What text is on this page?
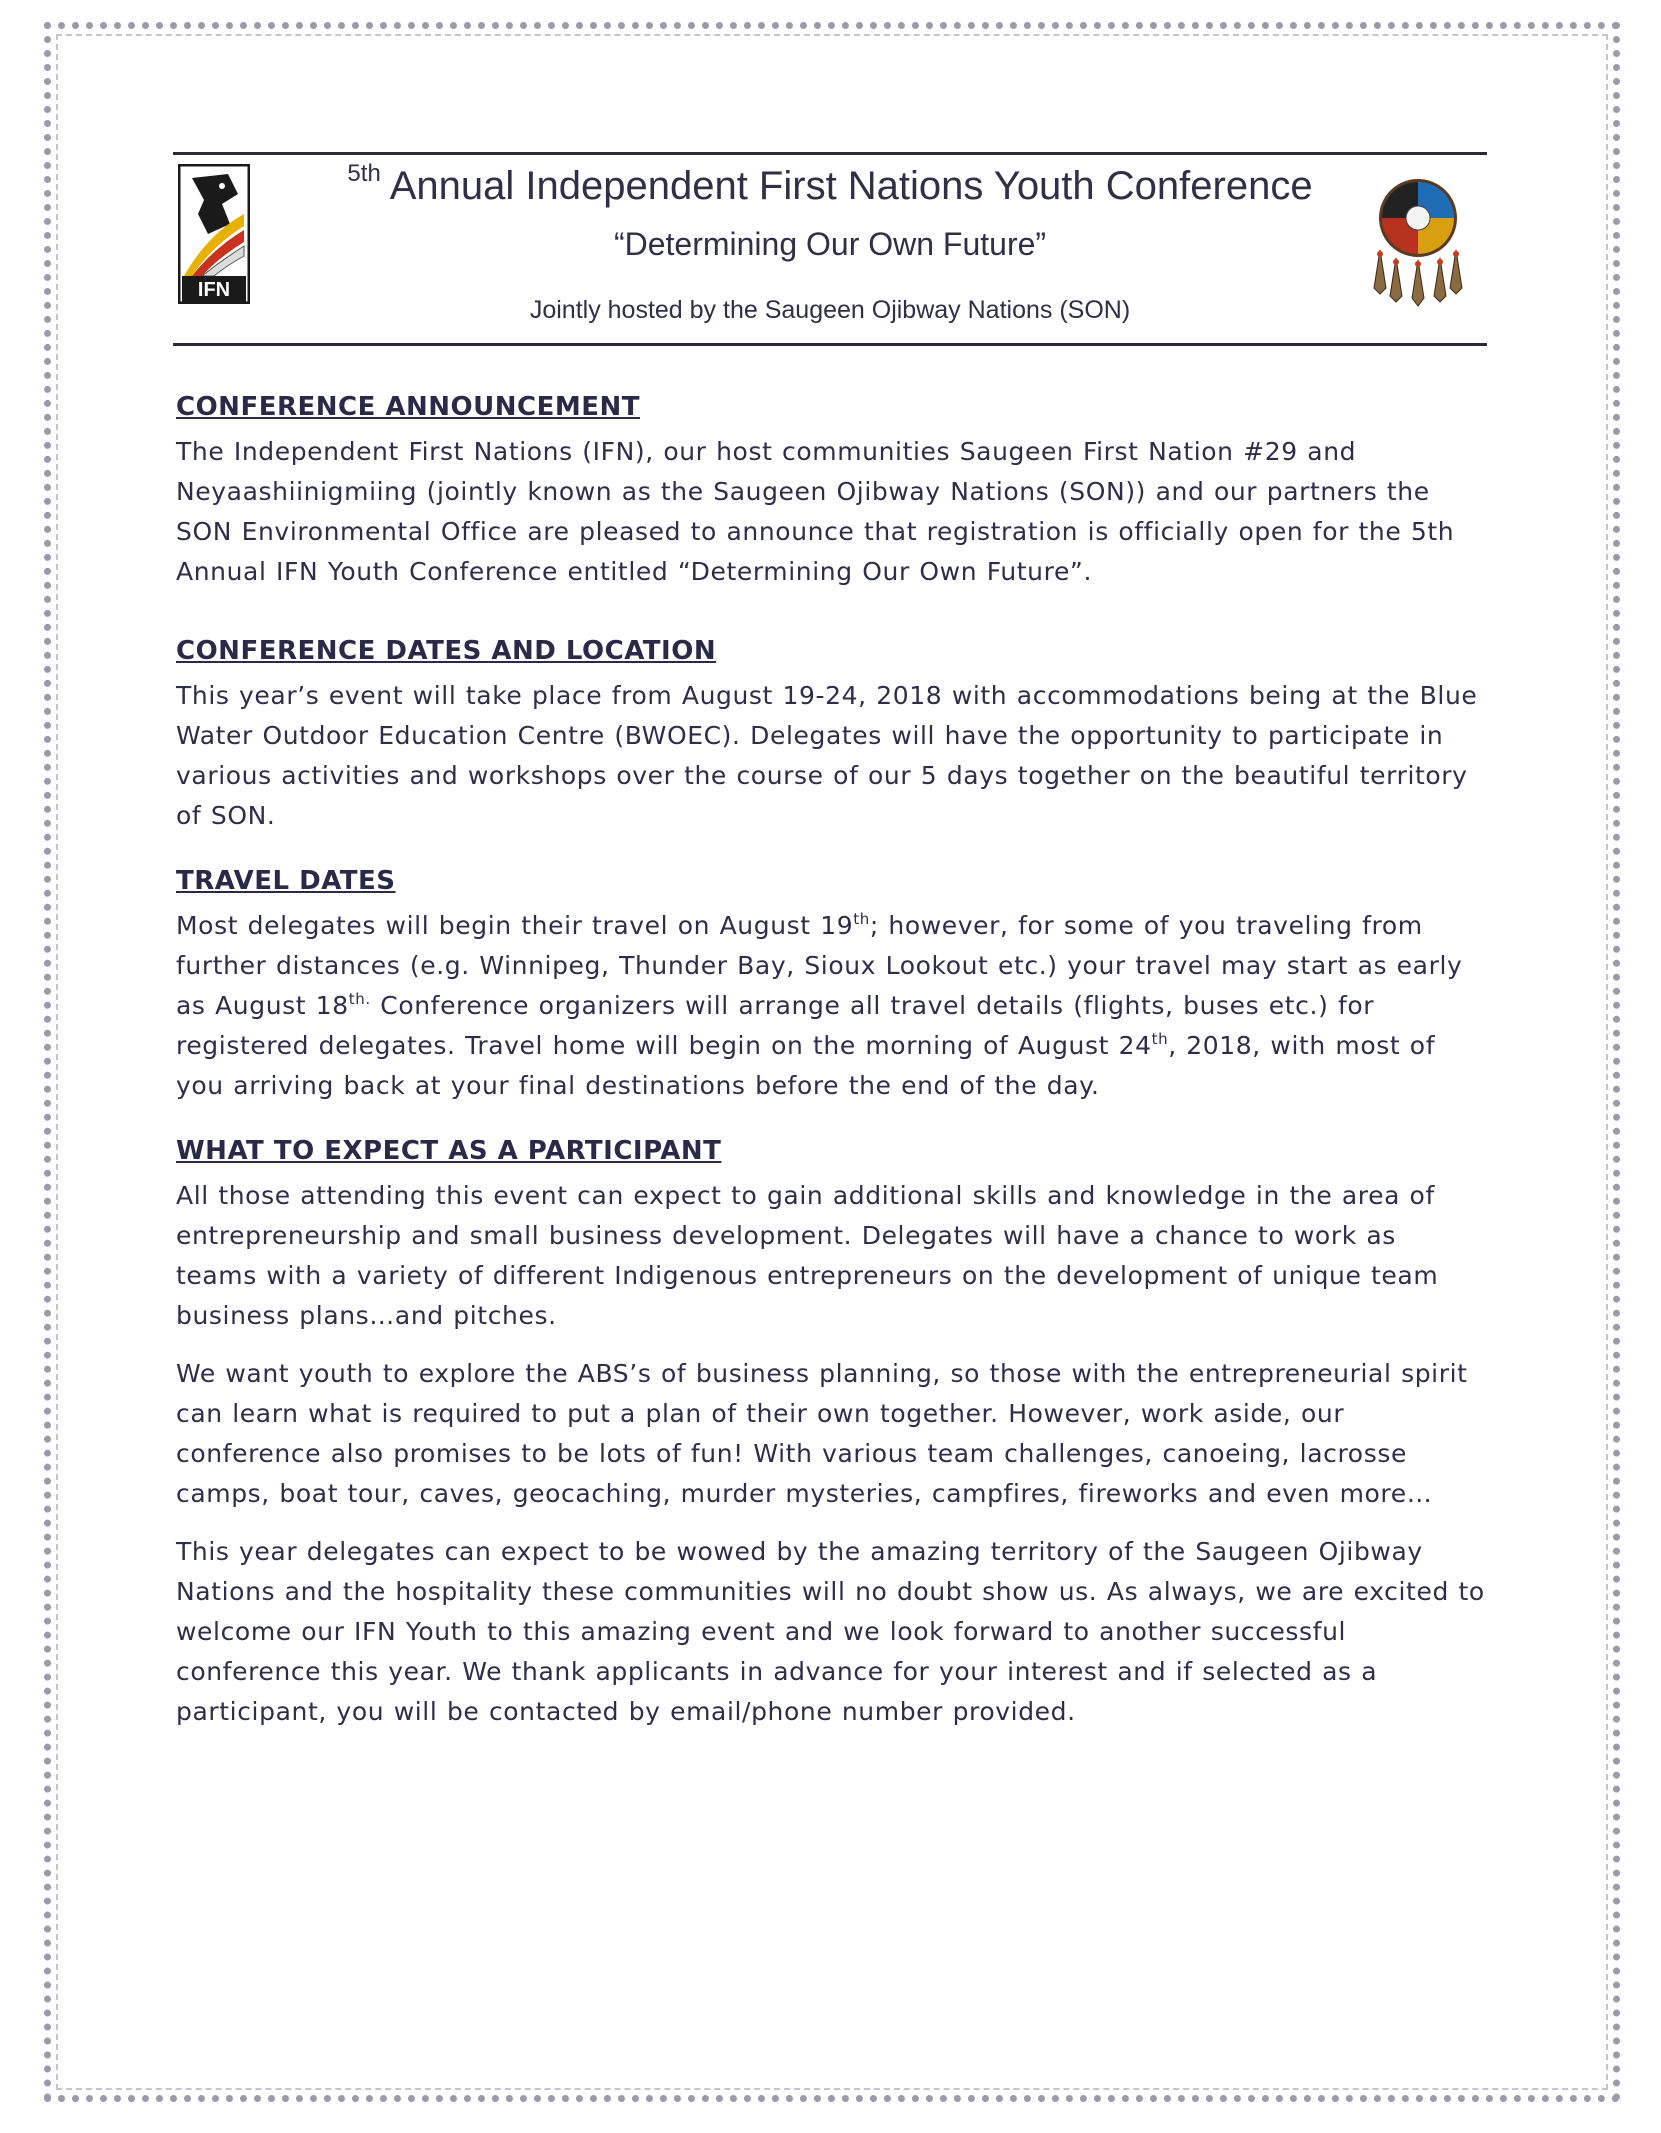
IFN
$^{5th}$ Annual Independent First Nations Youth Conference
“Determining Our Own Future”
Jointly hosted by the Saugeen Ojibway Nations (SON)
CONFERENCE ANNOUNCEMENT

The Independent First Nations (IFN), our host communities Saugeen First Nation #29 and Neyaashiinigmiing (jointly known as the Saugeen Ojibway Nations (SON)) and our partners the SON Environmental Office are pleased to announce that registration is officially open for the 5th Annual IFN Youth Conference entitled “Determining Our Own Future”.

CONFERENCE DATES AND LOCATION

This year’s event will take place from August 19-24, 2018 with accommodations being at the Blue Water Outdoor Education Centre (BWOEC). Delegates will have the opportunity to participate in various activities and workshops over the course of our 5 days together on the beautiful territory of SON.

TRAVEL DATES

Most delegates will begin their travel on August 19th; however, for some of you traveling from further distances (e.g. Winnipeg, Thunder Bay, Sioux Lookout etc.) your travel may start as early as August $18^{th.}$ Conference organizers will arrange all travel details (flights, buses etc.) for registered delegates. Travel home will begin on the morning of August 24th, 2018, with most of you arriving back at your final destinations before the end of the day.

WHAT TO EXPECT AS A PARTICIPANT

All those attending this event can expect to gain additional skills and knowledge in the area of entrepreneurship and small business development. Delegates will have a chance to work as teams with a variety of different Indigenous entrepreneurs on the development of unique team business plans…and pitches.

We want youth to explore the ABS’s of business planning, so those with the entrepreneurial spirit can learn what is required to put a plan of their own together. However, work aside, our conference also promises to be lots of fun! With various team challenges, canoeing, lacrosse camps, boat tour, caves, geocaching, murder mysteries, campfires, fireworks and even more…

This year delegates can expect to be wowed by the amazing territory of the Saugeen Ojibway Nations and the hospitality these communities will no doubt show us. As always, we are excited to welcome our IFN Youth to this amazing event and we look forward to another successful conference this year. We thank applicants in advance for your interest and if selected as a participant, you will be contacted by email/phone number provided.
